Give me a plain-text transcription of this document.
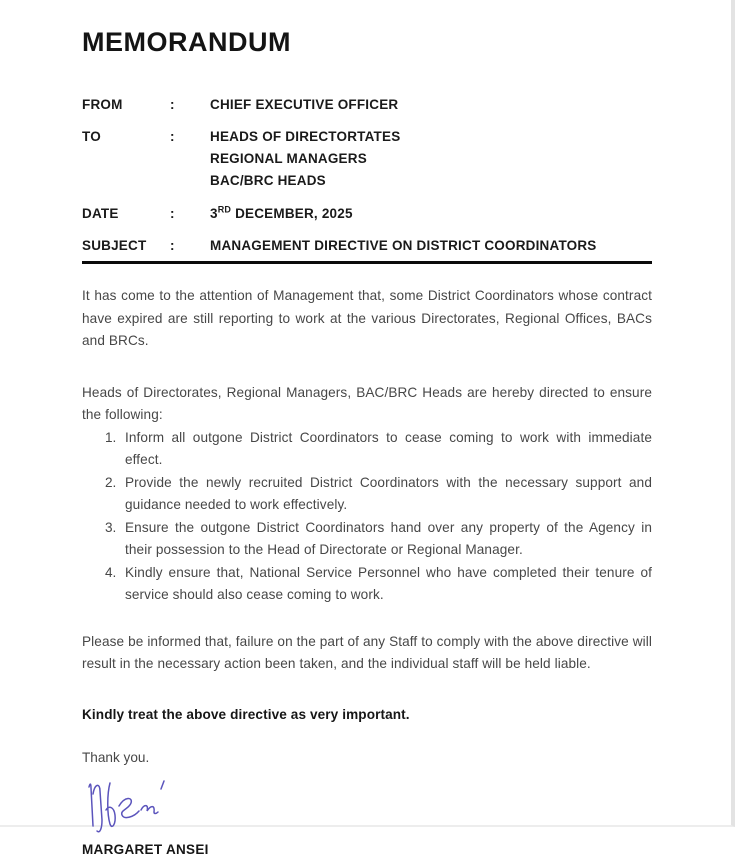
MEMORANDUM
FROM	:	CHIEF EXECUTIVE OFFICER
TO	:	HEADS OF DIRECTORTATES
REGIONAL MANAGERS
BAC/BRC HEADS
DATE	:	3RD DECEMBER, 2025
SUBJECT	:	MANAGEMENT DIRECTIVE ON DISTRICT COORDINATORS

It has come to the attention of Management that, some District Coordinators whose contract have expired are still reporting to work at the various Directorates, Regional Offices, BACs and BRCs.

Heads of Directorates, Regional Managers, BAC/BRC Heads are hereby directed to ensure the following:

1. Inform all outgone District Coordinators to cease coming to work with immediate effect.
2. Provide the newly recruited District Coordinators with the necessary support and guidance needed to work effectively.
3. Ensure the outgone District Coordinators hand over any property of the Agency in their possession to the Head of Directorate or Regional Manager.
4. Kindly ensure that, National Service Personnel who have completed their tenure of service should also cease coming to work.

Please be informed that, failure on the part of any Staff to comply with the above directive will result in the necessary action been taken, and the individual staff will be held liable.

Kindly treat the above directive as very important.

Thank you.

MARGARET ANSEI
